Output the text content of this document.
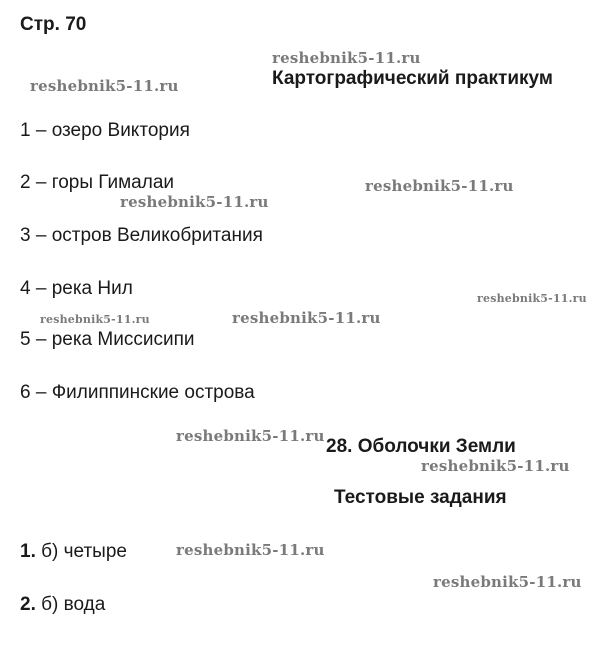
Стр. 70
reshebnik5-11.ru
reshebnik5-11.ru
reshebnik5-11.ru
reshebnik5-11.ru
reshebnik5-11.ru
reshebnik5-11.ru	reshebnik5-11.ru
reshebnik5-11.ru
reshebnik5-11.ru
reshebnik5-11.ru
reshebnik5-11.ru
Картографический практикум
1 – озеро Виктория
2 – горы Гималаи
3 – остров Великобритания
4 – река Нил
5 – река Миссисипи
6 – Филиппинские острова
28. Оболочки Земли
Тестовые задания
1. б) четыре
2. б) вода
